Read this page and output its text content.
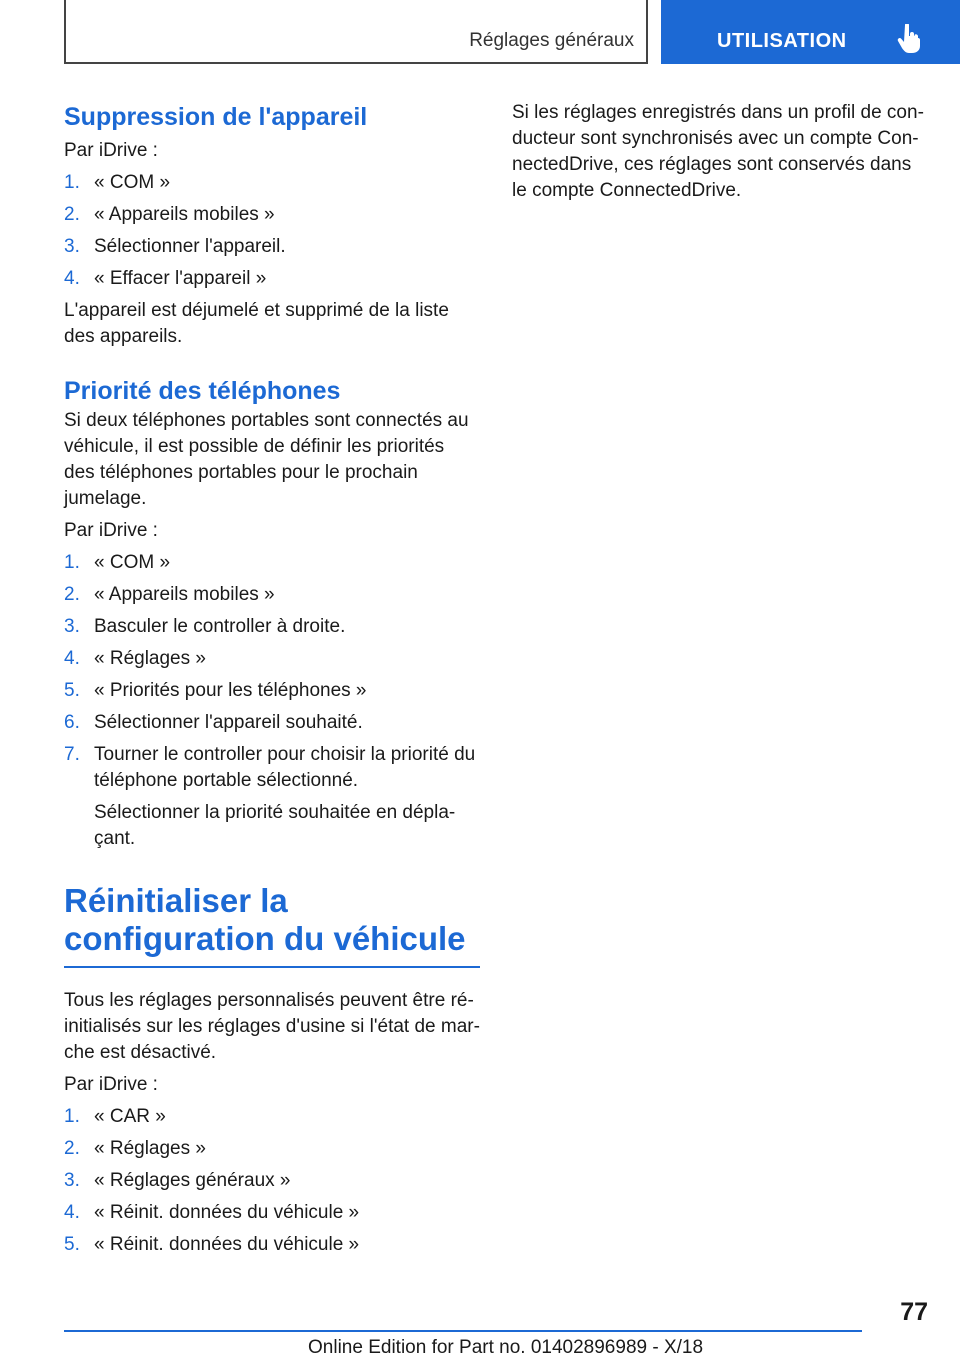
Réglages généraux	UTILISATION
Suppression de l'appareil

Par iDrive :

1. « COM »
2. « Appareils mobiles »
3. Sélectionner l'appareil.
4. « Effacer l'appareil »

L'appareil est déjumelé et supprimé de la liste des appareils.

Priorité des téléphones

Si deux téléphones portables sont connectés au véhicule, il est possible de définir les priorités des téléphones portables pour le prochain jumelage.

Par iDrive :

1. « COM »
2. « Appareils mobiles »
3. Basculer le controller à droite.
4. « Réglages »
5. « Priorités pour les téléphones »
6. Sélectionner l'appareil souhaité.
7. Tourner le controller pour choisir la priorité du téléphone portable sélectionné.

Sélectionner la priorité souhaitée en déplaçant.

Réinitialiser la
configuration du véhicule

Tous les réglages personnalisés peuvent être réinitialisés sur les réglages d'usine si l'état de marche est désactivé.

Par iDrive :

1. « CAR »
2. « Réglages »
3. « Réglages généraux »
4. « Réinit. données du véhicule »
5. « Réinit. données du véhicule »

Si les réglages enregistrés dans un profil de conducteur sont synchronisés avec un compte ConnectedDrive, ces réglages sont conservés dans le compte ConnectedDrive.

77
Online Edition for Part no. 01402896989 - X/18
